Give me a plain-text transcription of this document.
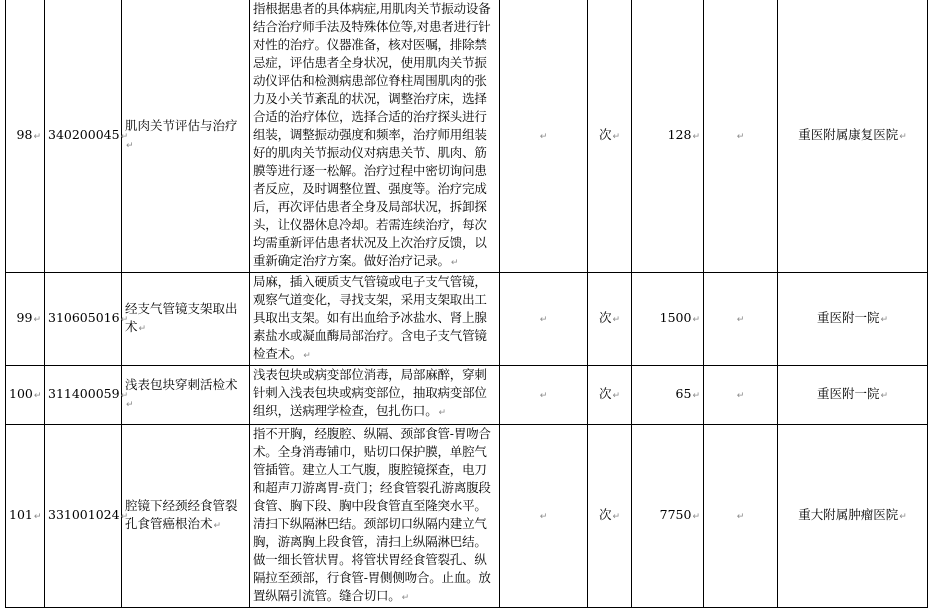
98↵	340200045↵	肌肉关节评估与治疗↵	指根据患者的具体病症,用肌肉关节振动设备结合治疗师手法及特殊体位等,对患者进行针对性的治疗。仪器准备，核对医嘱，排除禁忌症，评估患者全身状况，使用肌肉关节振动仪评估和检测病患部位脊柱周围肌肉的张力及小关节紊乱的状况，调整治疗床，选择合适的治疗体位，选择合适的治疗探头进行组装，调整振动强度和频率，治疗师用组装好的肌肉关节振动仪对病患关节、肌肉、筋膜等进行逐一松解。治疗过程中密切询问患者反应，及时调整位置、强度等。治疗完成后，再次评估患者全身及局部状况，拆卸探头，让仪器休息冷却。若需连续治疗，每次均需重新评估患者状况及上次治疗反馈，以重新确定治疗方案。做好治疗记录。↵	↵	次↵	128↵	↵	重医附属康复医院↵
99↵	310605016↵	经支气管镜支架取出术↵	局麻，插入硬质支气管镜或电子支气管镜，观察气道变化，寻找支架，采用支架取出工具取出支架。如有出血给予冰盐水、肾上腺素盐水或凝血酶局部治疗。含电子支气管镜检查术。↵	↵	次↵	1500↵	↵	重医附一院↵
100↵	311400059↵	浅表包块穿刺活检术↵	浅表包块或病变部位消毒，局部麻醉，穿刺针刺入浅表包块或病变部位，抽取病变部位组织，送病理学检查，包扎伤口。↵	↵	次↵	65↵	↵	重医附一院↵
101↵	331001024↵	腔镜下经颈经食管裂孔食管癌根治术↵	指不开胸，经腹腔、纵隔、颈部食管-胃吻合术。全身消毒铺巾，贴切口保护膜，单腔气管插管。建立人工气腹，腹腔镜探查，电刀和超声刀游离胃-贲门；经食管裂孔游离腹段食管、胸下段、胸中段食管直至隆突水平。清扫下纵隔淋巴结。颈部切口纵隔内建立气胸，游离胸上段食管，清扫上纵隔淋巴结。做一细长管状胃。将管状胃经食管裂孔、纵隔拉至颈部，行食管-胃侧侧吻合。止血。放置纵隔引流管。缝合切口。↵	↵	次↵	7750↵	↵	重大附属肿瘤医院↵
